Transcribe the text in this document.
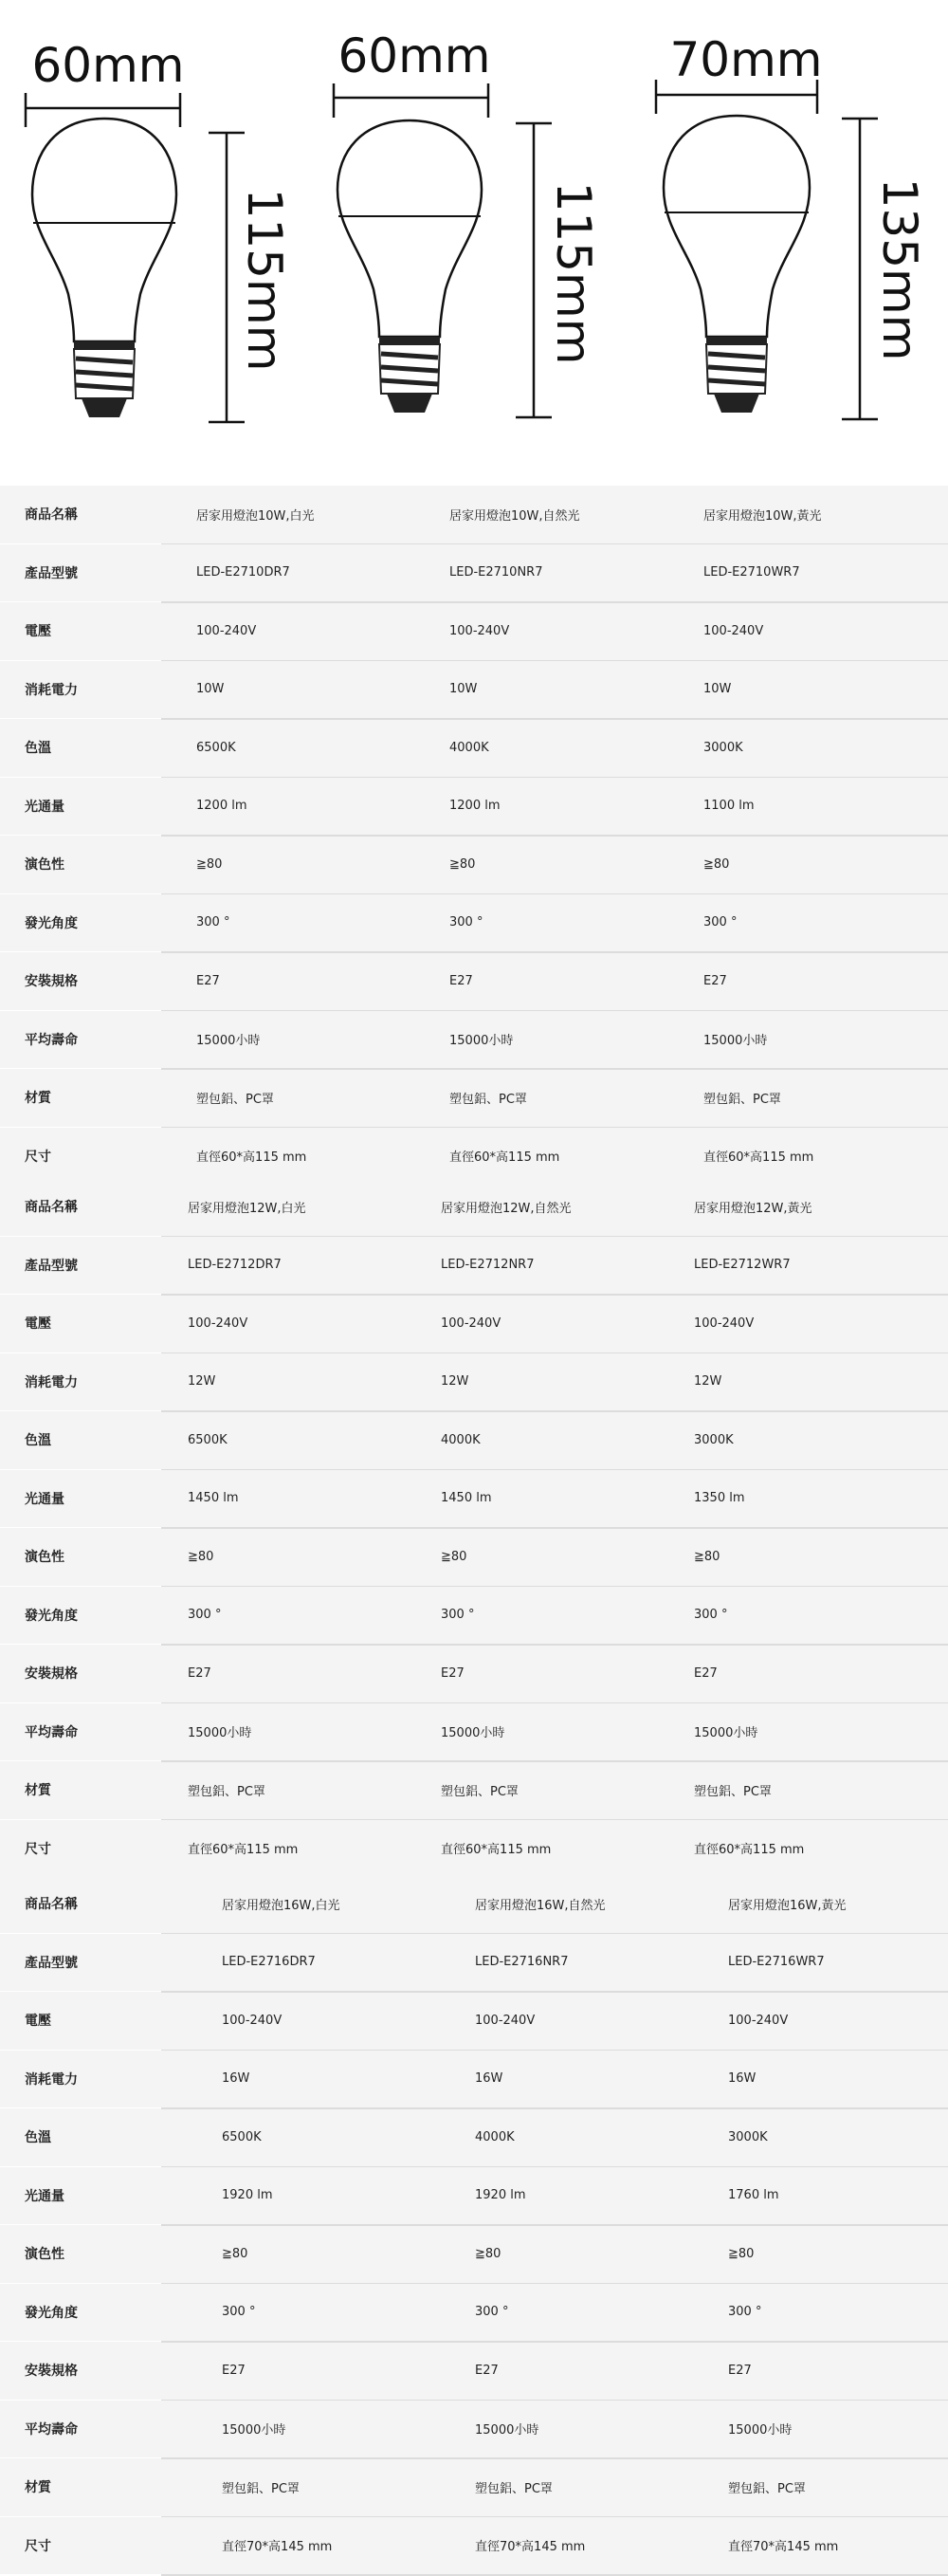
60mm
115mm
60mm
115mm
70mm
135mm
商品名稱	居家用燈泡10W,白光	居家用燈泡10W,自然光	居家用燈泡10W,黃光
產品型號	LED-E2710DR7	LED-E2710NR7	LED-E2710WR7
電壓	100-240V	100-240V	100-240V
消耗電力	10W	10W	10W
色溫	6500K	4000K	3000K
光通量	1200 lm	1200 lm	1100 lm
演色性	≧80	≧80	≧80
發光角度	300 °	300 °	300 °
安裝規格	E27	E27	E27
平均壽命	15000小時	15000小時	15000小時
材質	塑包鋁、PC罩	塑包鋁、PC罩	塑包鋁、PC罩
尺寸	直徑60*高115 mm	直徑60*高115 mm	直徑60*高115 mm
商品名稱	居家用燈泡12W,白光	居家用燈泡12W,自然光	居家用燈泡12W,黃光
產品型號	LED-E2712DR7	LED-E2712NR7	LED-E2712WR7
電壓	100-240V	100-240V	100-240V
消耗電力	12W	12W	12W
色溫	6500K	4000K	3000K
光通量	1450 lm	1450 lm	1350 lm
演色性	≧80	≧80	≧80
發光角度	300 °	300 °	300 °
安裝規格	E27	E27	E27
平均壽命	15000小時	15000小時	15000小時
材質	塑包鋁、PC罩	塑包鋁、PC罩	塑包鋁、PC罩
尺寸	直徑60*高115 mm	直徑60*高115 mm	直徑60*高115 mm
商品名稱	居家用燈泡16W,白光	居家用燈泡16W,自然光	居家用燈泡16W,黃光
產品型號	LED-E2716DR7	LED-E2716NR7	LED-E2716WR7
電壓	100-240V	100-240V	100-240V
消耗電力	16W	16W	16W
色溫	6500K	4000K	3000K
光通量	1920 lm	1920 lm	1760 lm
演色性	≧80	≧80	≧80
發光角度	300 °	300 °	300 °
安裝規格	E27	E27	E27
平均壽命	15000小時	15000小時	15000小時
材質	塑包鋁、PC罩	塑包鋁、PC罩	塑包鋁、PC罩
尺寸	直徑70*高145 mm	直徑70*高145 mm	直徑70*高145 mm
